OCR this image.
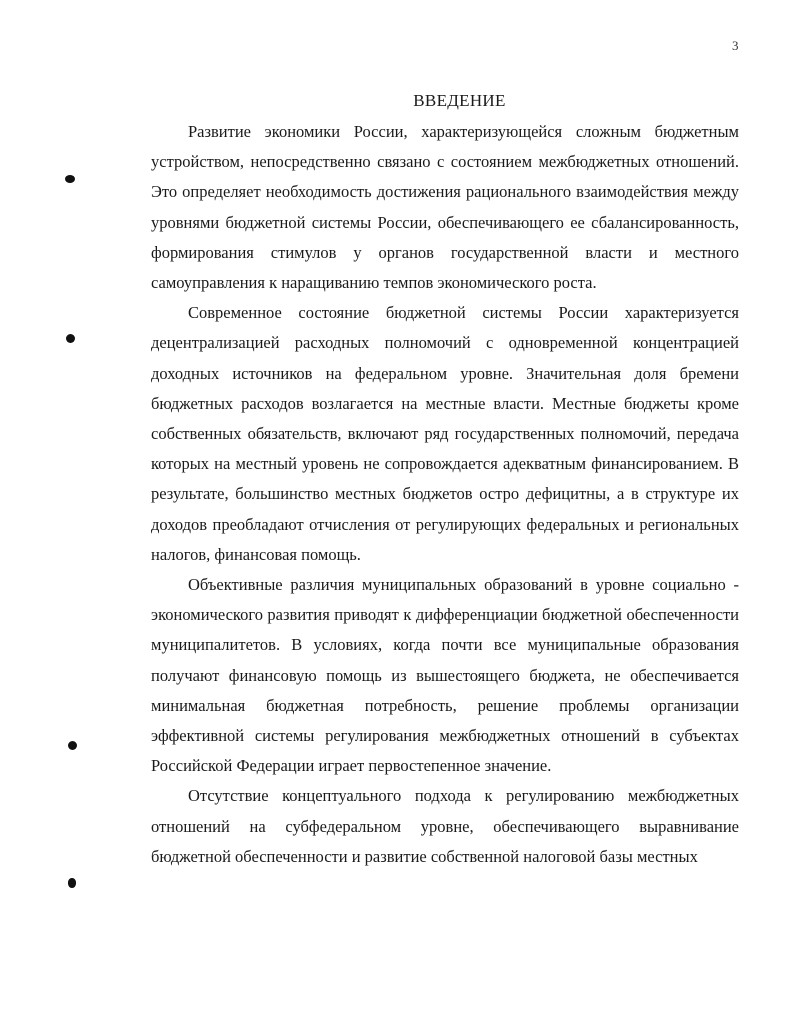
3
ВВЕДЕНИЕ

Развитие экономики России, характеризующейся сложным бюджетным устройством, непосредственно связано с состоянием межбюджетных отношений. Это определяет необходимость достижения рационального взаимодействия между уровнями бюджетной системы России, обеспечивающего ее сбалансированность, формирования стимулов у органов государственной власти и местного самоуправления к наращиванию темпов экономического роста.

Современное состояние бюджетной системы России характеризуется децентрализацией расходных полномочий с одновременной концентрацией доходных источников на федеральном уровне. Значительная доля бремени бюджетных расходов возлагается на местные власти. Местные бюджеты кроме собственных обязательств, включают ряд государственных полномочий, передача которых на местный уровень не сопровождается адекватным финансированием. В результате, большинство местных бюджетов остро дефицитны, а в структуре их доходов преобладают отчисления от регулирующих федеральных и региональных налогов, финансовая помощь.

Объективные различия муниципальных образований в уровне социально - экономического развития приводят к дифференциации бюджетной обеспеченности муниципалитетов. В условиях, когда почти все муниципальные образования получают финансовую помощь из вышестоящего бюджета, не обеспечивается минимальная бюджетная потребность, решение проблемы организации эффективной системы регулирования межбюджетных отношений в субъектах Российской Федерации играет первостепенное значение.

Отсутствие концептуального подхода к регулированию межбюджетных отношений на субфедеральном уровне, обеспечивающего выравнивание бюджетной обеспеченности и развитие собственной налоговой базы местных
